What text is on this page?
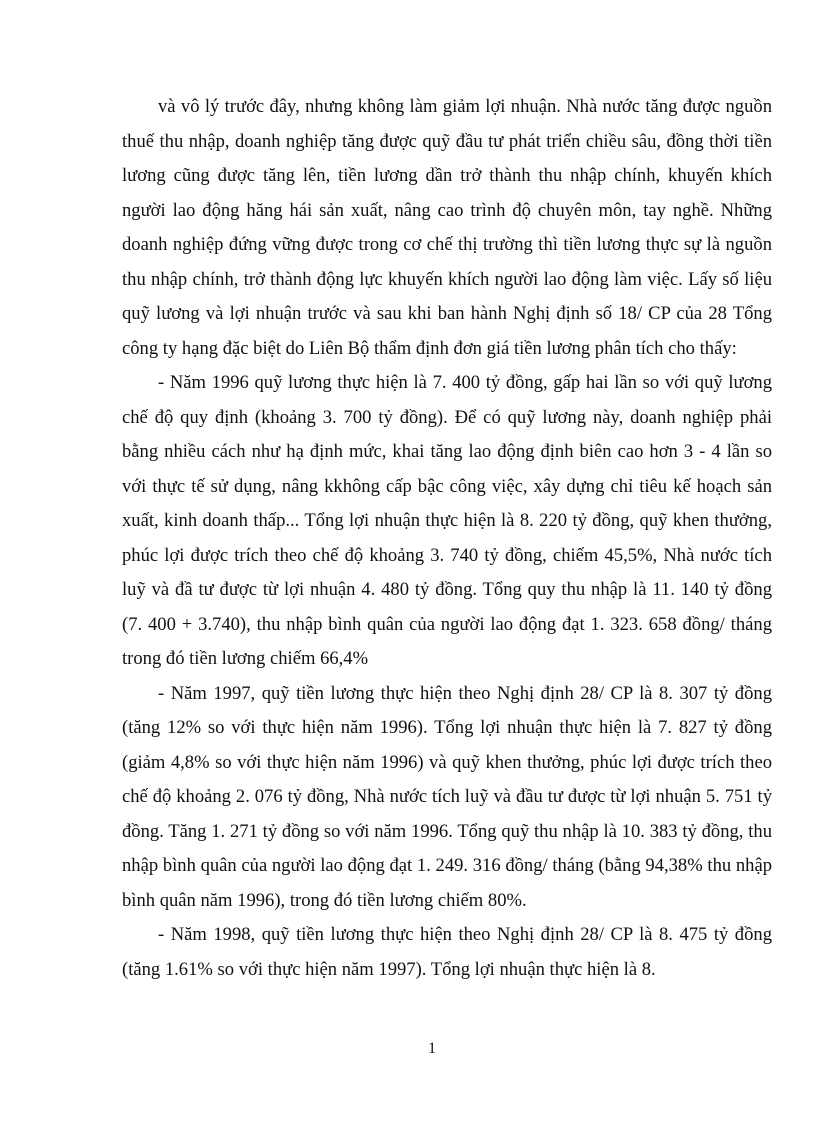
và vô lý trước đây, nhưng không làm giảm lợi nhuận. Nhà nước tăng được nguồn thuế thu nhập, doanh nghiệp tăng được quỹ đầu tư phát triển chiều sâu, đồng thời tiền lương cũng được tăng lên, tiền lương dần trở thành thu nhập chính, khuyến khích người lao động hăng hái sản xuất, nâng cao trình độ chuyên môn, tay nghề. Những doanh nghiệp đứng vững được trong cơ chế thị trường thì tiền lương thực sự là nguồn thu nhập chính, trở thành động lực khuyến khích người lao động làm việc. Lấy số liệu quỹ lương và lợi nhuận trước và sau khi ban hành Nghị định số 18/ CP của 28 Tổng công ty hạng đặc biệt do Liên Bộ thẩm định đơn giá tiền lương phân tích cho thấy:

- Năm 1996 quỹ lương thực hiện là 7. 400 tỷ đồng, gấp hai lần so với quỹ lương chế độ quy định (khoảng 3. 700 tỷ đồng). Để có quỹ lương này, doanh nghiệp phải bằng nhiều cách như hạ định mức, khai tăng lao động định biên cao hơn 3 - 4 lần so với thực tế sử dụng, nâng kkhông cấp bậc công việc, xây dựng chỉ tiêu kế hoạch sản xuất, kinh doanh thấp... Tổng lợi nhuận thực hiện là 8. 220 tỷ đồng, quỹ khen thưởng, phúc lợi được trích theo chế độ khoảng 3. 740 tỷ đồng, chiếm 45,5%, Nhà nước tích luỹ và đầ tư được từ lợi nhuận 4. 480 tỷ đồng. Tổng quy thu nhập là 11. 140 tỷ đồng (7. 400 + 3.740), thu nhập bình quân của người lao động đạt 1. 323. 658 đồng/ tháng trong đó tiền lương chiếm 66,4%

- Năm 1997, quỹ tiền lương thực hiện theo Nghị định 28/ CP là 8. 307 tỷ đồng (tăng 12% so với thực hiện năm 1996). Tổng lợi nhuận thực hiện là 7. 827 tỷ đồng (giảm 4,8% so với thực hiện năm 1996) và quỹ khen thưởng, phúc lợi được trích theo chế độ khoảng 2. 076 tỷ đồng, Nhà nước tích luỹ và đầu tư được từ lợi nhuận 5. 751 tỷ đồng. Tăng 1. 271 tỷ đồng so với năm 1996. Tổng quỹ thu nhập là 10. 383 tỷ đồng, thu nhập bình quân của người lao động đạt 1. 249. 316 đồng/ tháng (bằng 94,38% thu nhập bình quân năm 1996), trong đó tiền lương chiếm 80%.

- Năm 1998, quỹ tiền lương thực hiện theo Nghị định 28/ CP là 8. 475 tỷ đồng (tăng 1.61% so với thực hiện năm 1997). Tổng lợi nhuận thực hiện là 8.

1
